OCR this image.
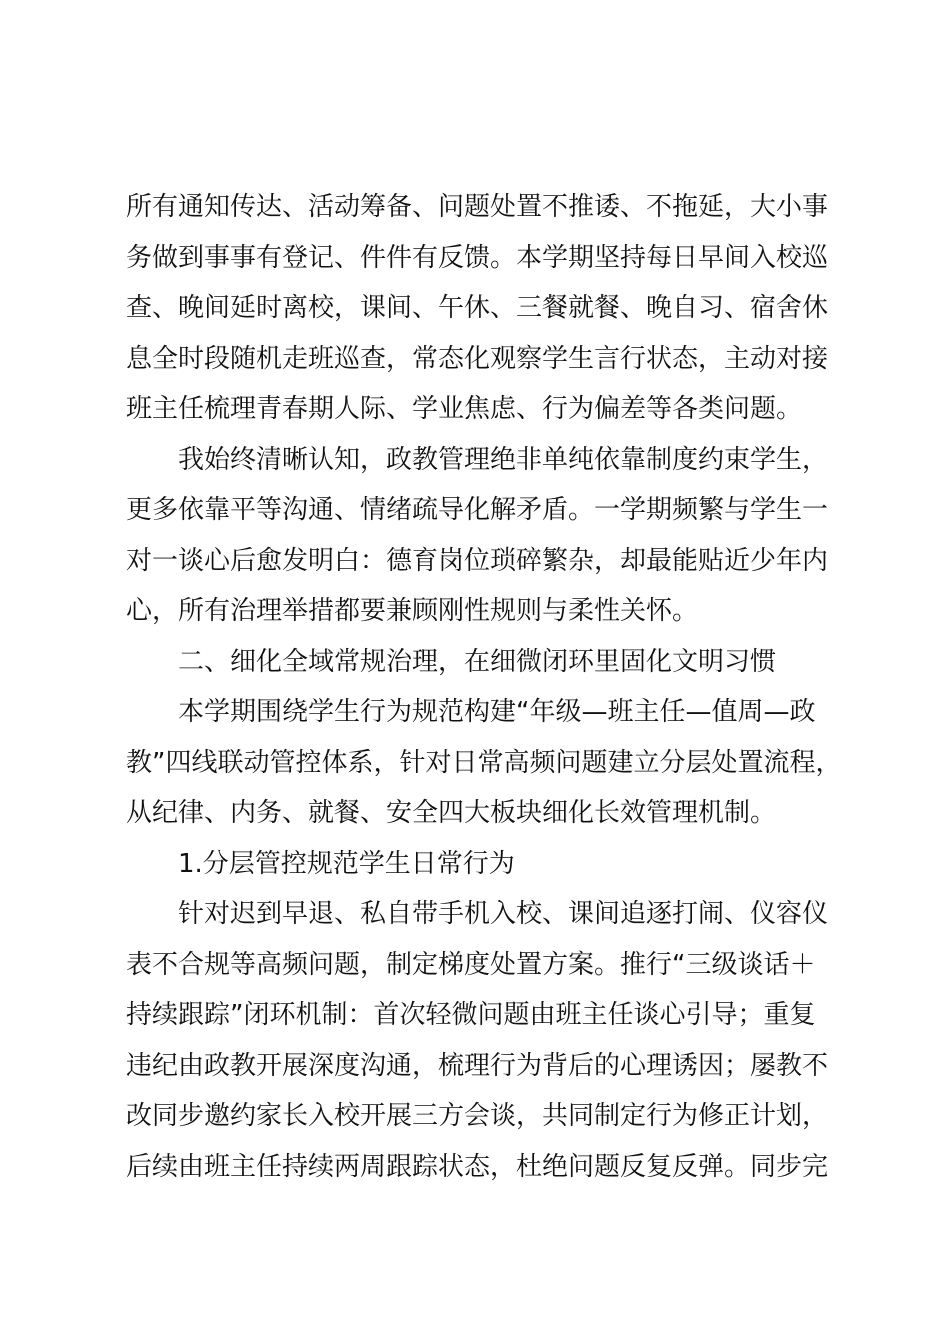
所有通知传达、活动筹备、问题处置不推诿、不拖延，大小事
务做到事事有登记、件件有反馈。本学期坚持每日早间入校巡
查、晚间延时离校，课间、午休、三餐就餐、晚自习、宿舍休
息全时段随机走班巡查，常态化观察学生言行状态，主动对接
班主任梳理青春期人际、学业焦虑、行为偏差等各类问题。
我始终清晰认知，政教管理绝非单纯依靠制度约束学生，
更多依靠平等沟通、情绪疏导化解矛盾。一学期频繁与学生一
对一谈心后愈发明白：德育岗位琐碎繁杂，却最能贴近少年内
心，所有治理举措都要兼顾刚性规则与柔性关怀。
二、细化全域常规治理，在细微闭环里固化文明习惯
本学期围绕学生行为规范构建“年级—班主任—值周—政
教”四线联动管控体系，针对日常高频问题建立分层处置流程，
从纪律、内务、就餐、安全四大板块细化长效管理机制。
1.分层管控规范学生日常行为
针对迟到早退、私自带手机入校、课间追逐打闹、仪容仪
表不合规等高频问题，制定梯度处置方案。推行“三级谈话＋
持续跟踪”闭环机制：首次轻微问题由班主任谈心引导；重复
违纪由政教开展深度沟通，梳理行为背后的心理诱因；屡教不
改同步邀约家长入校开展三方会谈，共同制定行为修正计划，
后续由班主任持续两周跟踪状态，杜绝问题反复反弹。同步完
